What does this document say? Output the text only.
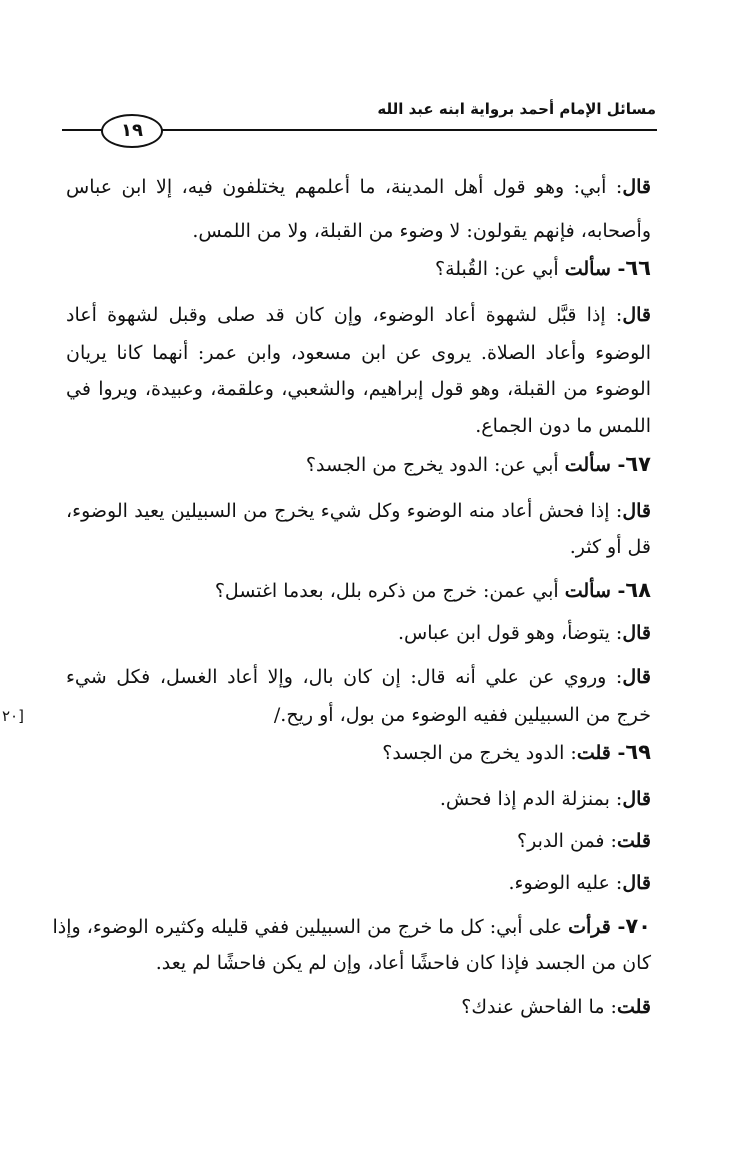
مسائل الإمام أحمد برواية ابنه عبد الله
١٩
٢٠]
قال: أبي: وهو قول أهل المدينة، ما أعلمهم يختلفون فيه، إلا ابن عباس
وأصحابه، فإنهم يقولون: لا وضوء من القبلة، ولا من اللمس.
٦٦- سألت أبي عن: القُبلة؟
قال: إذا قبَّل لشهوة أعاد الوضوء، وإن كان قد صلى وقبل لشهوة أعاد
الوضوء وأعاد الصلاة. يروى عن ابن مسعود، وابن عمر: أنهما كانا يريان
الوضوء من القبلة، وهو قول إبراهيم، والشعبي، وعلقمة، وعبيدة، ويروا في
اللمس ما دون الجماع.
٦٧- سألت أبي عن: الدود يخرج من الجسد؟
قال: إذا فحش أعاد منه الوضوء وكل شيء يخرج من السبيلين يعيد الوضوء،
قل أو كثر.
٦٨- سألت أبي عمن: خرج من ذكره بلل، بعدما اغتسل؟
قال: يتوضأ، وهو قول ابن عباس.
قال: وروي عن علي أنه قال: إن كان بال، وإلا أعاد الغسل، فكل شيء
خرج من السبيلين ففيه الوضوء من بول، أو ريح./
٦٩- قلت: الدود يخرج من الجسد؟
قال: بمنزلة الدم إذا فحش.
قلت: فمن الدبر؟
قال: عليه الوضوء.
٧٠- قرأت على أبي: كل ما خرج من السبيلين ففي قليله وكثيره الوضوء، وإذا
كان من الجسد فإذا كان فاحشًا أعاد، وإن لم يكن فاحشًا لم يعد.
قلت: ما الفاحش عندك؟
